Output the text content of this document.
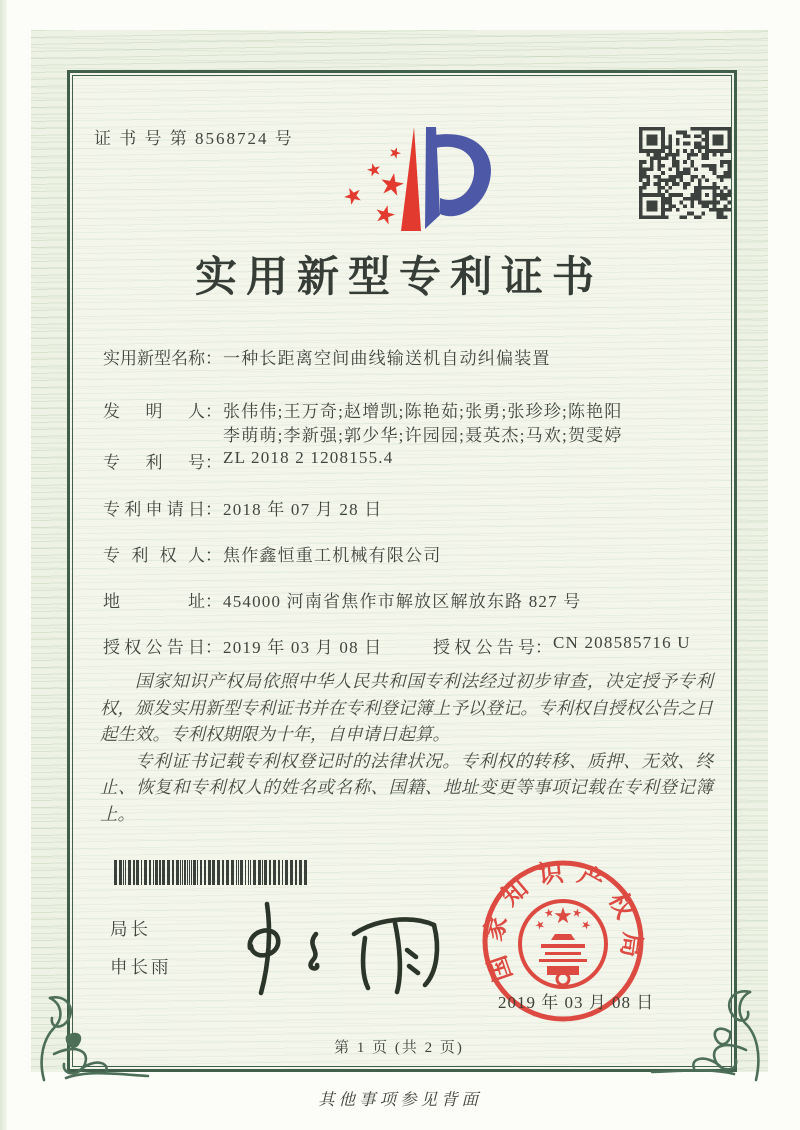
证 书 号 第 8568724 号
实用新型专利证书
实用新型名称：一种长距离空间曲线输送机自动纠偏装置
发明人：张伟伟;王万奇;赵增凯;陈艳茹;张勇;张珍珍;陈艳阳
李萌萌;李新强;郭少华;许园园;聂英杰;马欢;贺雯婷
专利号：ZL 2018 2 1208155.4
专利申请日：2018 年 07 月 28 日
专利权人：焦作鑫恒重工机械有限公司
地址：454000 河南省焦作市解放区解放东路 827 号
授权公告日：2019 年 03 月 08 日	授权公告号：CN 208585716 U

国家知识产权局依照中华人民共和国专利法经过初步审查，决定授予专利权，颁发实用新型专利证书并在专利登记簿上予以登记。专利权自授权公告之日起生效。专利权期限为十年，自申请日起算。

专利证书记载专利权登记时的法律状况。专利权的转移、质押、无效、终止、恢复和专利权人的姓名或名称、国籍、地址变更等事项记载在专利登记簿上。

局长
申长雨	国家知识产权局
2019 年 03 月 08 日
第 1 页 (共 2 页)
其他事项参见背面
